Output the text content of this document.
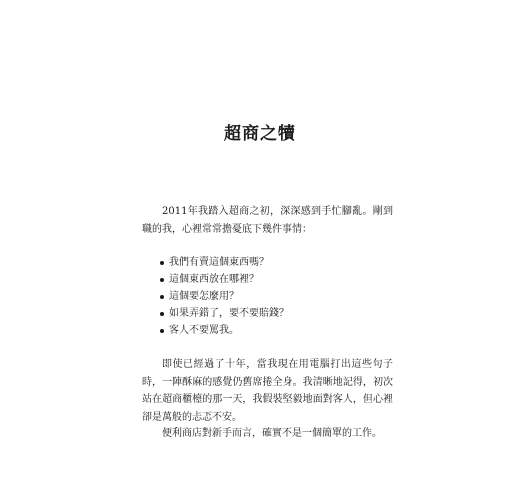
超商之犢

2011年我踏入超商之初，深深感到手忙腳亂。剛到職的我，心裡常常擔憂底下幾件事情：

我們有賣這個東西嗎？
這個東西放在哪裡？
這個要怎麼用？
如果弄錯了，要不要賠錢？
客人不要罵我。

即使已經過了十年，當我現在用電腦打出這些句子時，一陣酥麻的感覺仍舊席捲全身。我清晰地記得，初次站在超商櫃檯的那一天，我假裝堅毅地面對客人，但心裡卻是萬般的忐忑不安。

便利商店對新手而言，確實不是一個簡單的工作。
